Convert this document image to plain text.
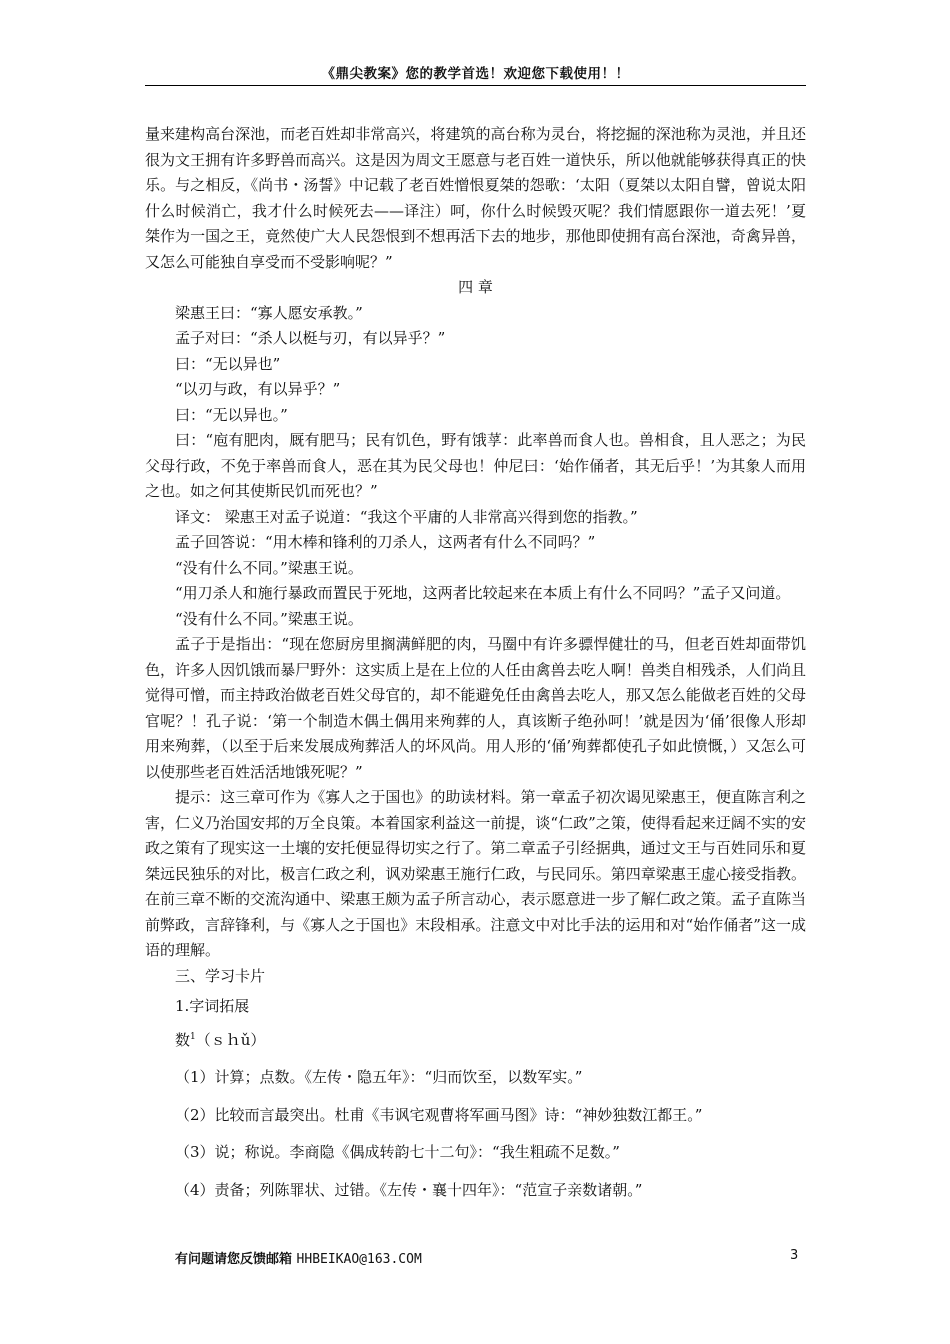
《鼎尖教案》您的教学首选！欢迎您下载使用！！

量来建构高台深池，而老百姓却非常高兴，将建筑的高台称为灵台，将挖掘的深池称为灵池，并且还很为文王拥有许多野兽而高兴。这是因为周文王愿意与老百姓一道快乐，所以他就能够获得真正的快乐。与之相反，《尚书・汤誓》中记载了老百姓憎恨夏桀的怨歌：‘太阳（夏桀以太阳自譬，曾说太阳什么时候消亡，我才什么时候死去——译注）呵，你什么时候毁灭呢？我们情愿跟你一道去死！’夏桀作为一国之王，竟然使广大人民怨恨到不想再活下去的地步，那他即使拥有高台深池，奇禽异兽，又怎么可能独自享受而不受影响呢？”

四 章

梁惠王曰：“寡人愿安承教。”

孟子对曰：“杀人以梃与刃，有以异乎？”

曰：“无以异也”

“以刃与政，有以异乎？”

曰：“无以异也。”

曰：“庖有肥肉，厩有肥马；民有饥色，野有饿莩：此率兽而食人也。兽相食，且人恶之；为民父母行政，不免于率兽而食人，恶在其为民父母也！仲尼曰：‘始作俑者，其无后乎！’为其象人而用之也。如之何其使斯民饥而死也？”

译文： 梁惠王对孟子说道：“我这个平庸的人非常高兴得到您的指教。”

孟子回答说：“用木棒和锋利的刀杀人，这两者有什么不同吗？”

“没有什么不同。”梁惠王说。

“用刀杀人和施行暴政而置民于死地，这两者比较起来在本质上有什么不同吗？”孟子又问道。

“没有什么不同。”梁惠王说。

孟子于是指出：“现在您厨房里搁满鲜肥的肉，马圈中有许多骠悍健壮的马，但老百姓却面带饥色，许多人因饥饿而暴尸野外：这实质上是在上位的人任由禽兽去吃人啊！兽类自相残杀，人们尚且觉得可憎，而主持政治做老百姓父母官的，却不能避免任由禽兽去吃人，那又怎么能做老百姓的父母官呢？！孔子说：‘第一个制造木偶土偶用来殉葬的人，真该断子绝孙呵！’就是因为‘俑’很像人形却用来殉葬，（以至于后来发展成殉葬活人的坏风尚。用人形的‘俑’殉葬都使孔子如此愤慨，）又怎么可以使那些老百姓活活地饿死呢？”

提示：这三章可作为《寡人之于国也》的助读材料。第一章孟子初次谒见梁惠王，便直陈言利之害，仁义乃治国安邦的万全良策。本着国家利益这一前提，谈“仁政”之策，使得看起来迂阔不实的安政之策有了现实这一土壤的安托便显得切实之行了。第二章孟子引经据典，通过文王与百姓同乐和夏桀远民独乐的对比，极言仁政之利，讽劝梁惠王施行仁政，与民同乐。第四章梁惠王虚心接受指教。在前三章不断的交流沟通中、梁惠王颇为孟子所言动心，表示愿意进一步了解仁政之策。孟子直陈当前弊政，言辞锋利，与《寡人之于国也》末段相承。注意文中对比手法的运用和对“始作俑者”这一成语的理解。

三、学习卡片

1.字词拓展

数$^1$（ｓｈǔ）

（1）计算；点数。《左传・隐五年》：“归而饮至，以数军实。”

（2）比较而言最突出。杜甫《韦讽宅观曹将军画马图》诗：“神妙独数江都王。”

（3）说；称说。李商隐《偶成转韵七十二句》：“我生粗疏不足数。”

（4）责备；列陈罪状、过错。《左传・襄十四年》：“范宣子亲数诸朝。”

有问题请您反馈邮箱 HHBEIKAO@163.COM	3
